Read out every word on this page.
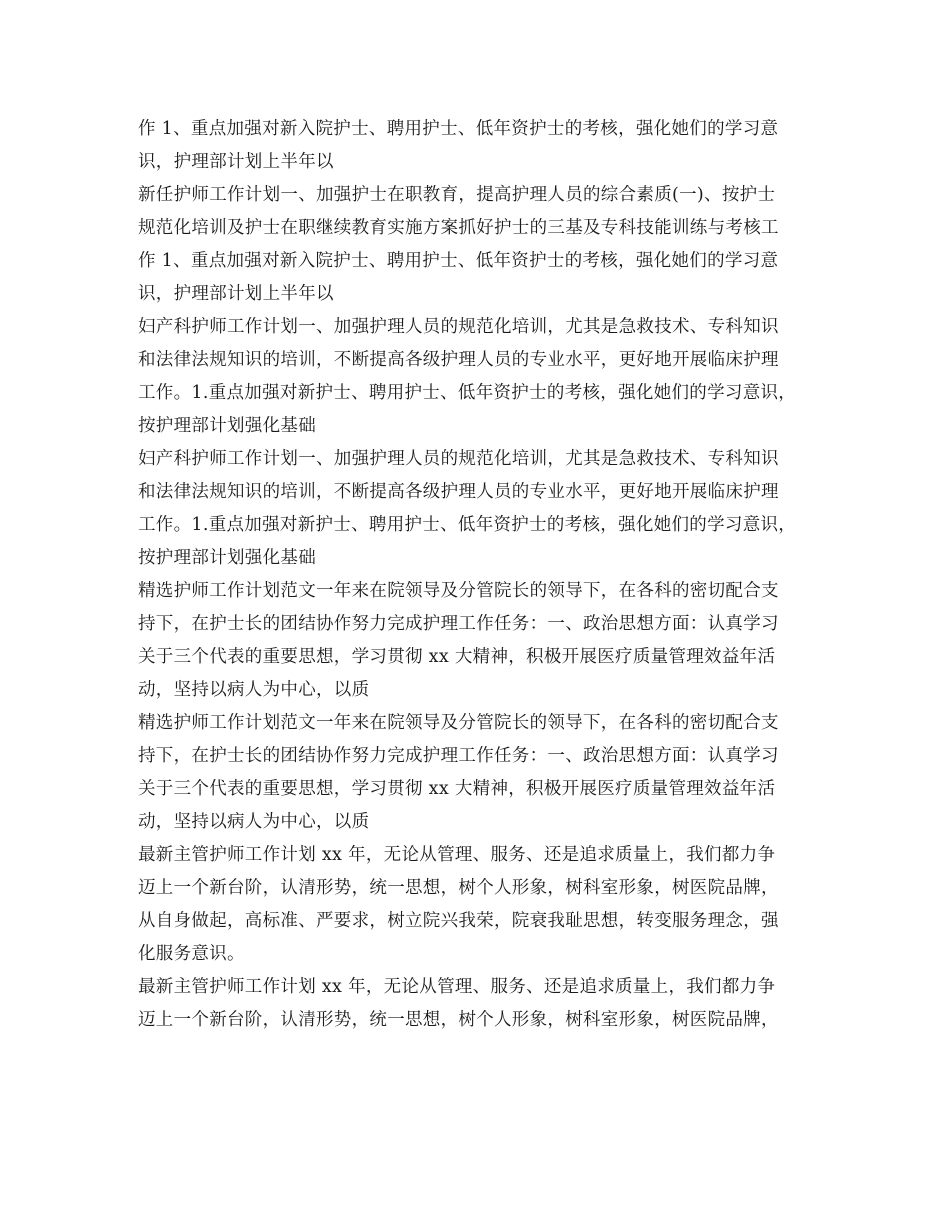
作 1、重点加强对新入院护士、聘用护士、低年资护士的考核，强化她们的学习意
识，护理部计划上半年以
新任护师工作计划一、加强护士在职教育，提高护理人员的综合素质(一)、按护士
规范化培训及护士在职继续教育实施方案抓好护士的三基及专科技能训练与考核工
作 1、重点加强对新入院护士、聘用护士、低年资护士的考核，强化她们的学习意
识，护理部计划上半年以
妇产科护师工作计划一、加强护理人员的规范化培训，尤其是急救技术、专科知识
和法律法规知识的培训，不断提高各级护理人员的专业水平，更好地开展临床护理
工作。1.重点加强对新护士、聘用护士、低年资护士的考核，强化她们的学习意识，
按护理部计划强化基础
妇产科护师工作计划一、加强护理人员的规范化培训，尤其是急救技术、专科知识
和法律法规知识的培训，不断提高各级护理人员的专业水平，更好地开展临床护理
工作。1.重点加强对新护士、聘用护士、低年资护士的考核，强化她们的学习意识，
按护理部计划强化基础
精选护师工作计划范文一年来在院领导及分管院长的领导下，在各科的密切配合支
持下，在护士长的团结协作努力完成护理工作任务：一、政治思想方面：认真学习
关于三个代表的重要思想，学习贯彻 xx 大精神，积极开展医疗质量管理效益年活
动，坚持以病人为中心，以质
精选护师工作计划范文一年来在院领导及分管院长的领导下，在各科的密切配合支
持下，在护士长的团结协作努力完成护理工作任务：一、政治思想方面：认真学习
关于三个代表的重要思想，学习贯彻 xx 大精神，积极开展医疗质量管理效益年活
动，坚持以病人为中心，以质
最新主管护师工作计划 xx 年，无论从管理、服务、还是追求质量上，我们都力争
迈上一个新台阶，认清形势，统一思想，树个人形象，树科室形象，树医院品牌，
从自身做起，高标准、严要求，树立院兴我荣，院衰我耻思想，转变服务理念，强
化服务意识。
最新主管护师工作计划 xx 年，无论从管理、服务、还是追求质量上，我们都力争
迈上一个新台阶，认清形势，统一思想，树个人形象，树科室形象，树医院品牌，
